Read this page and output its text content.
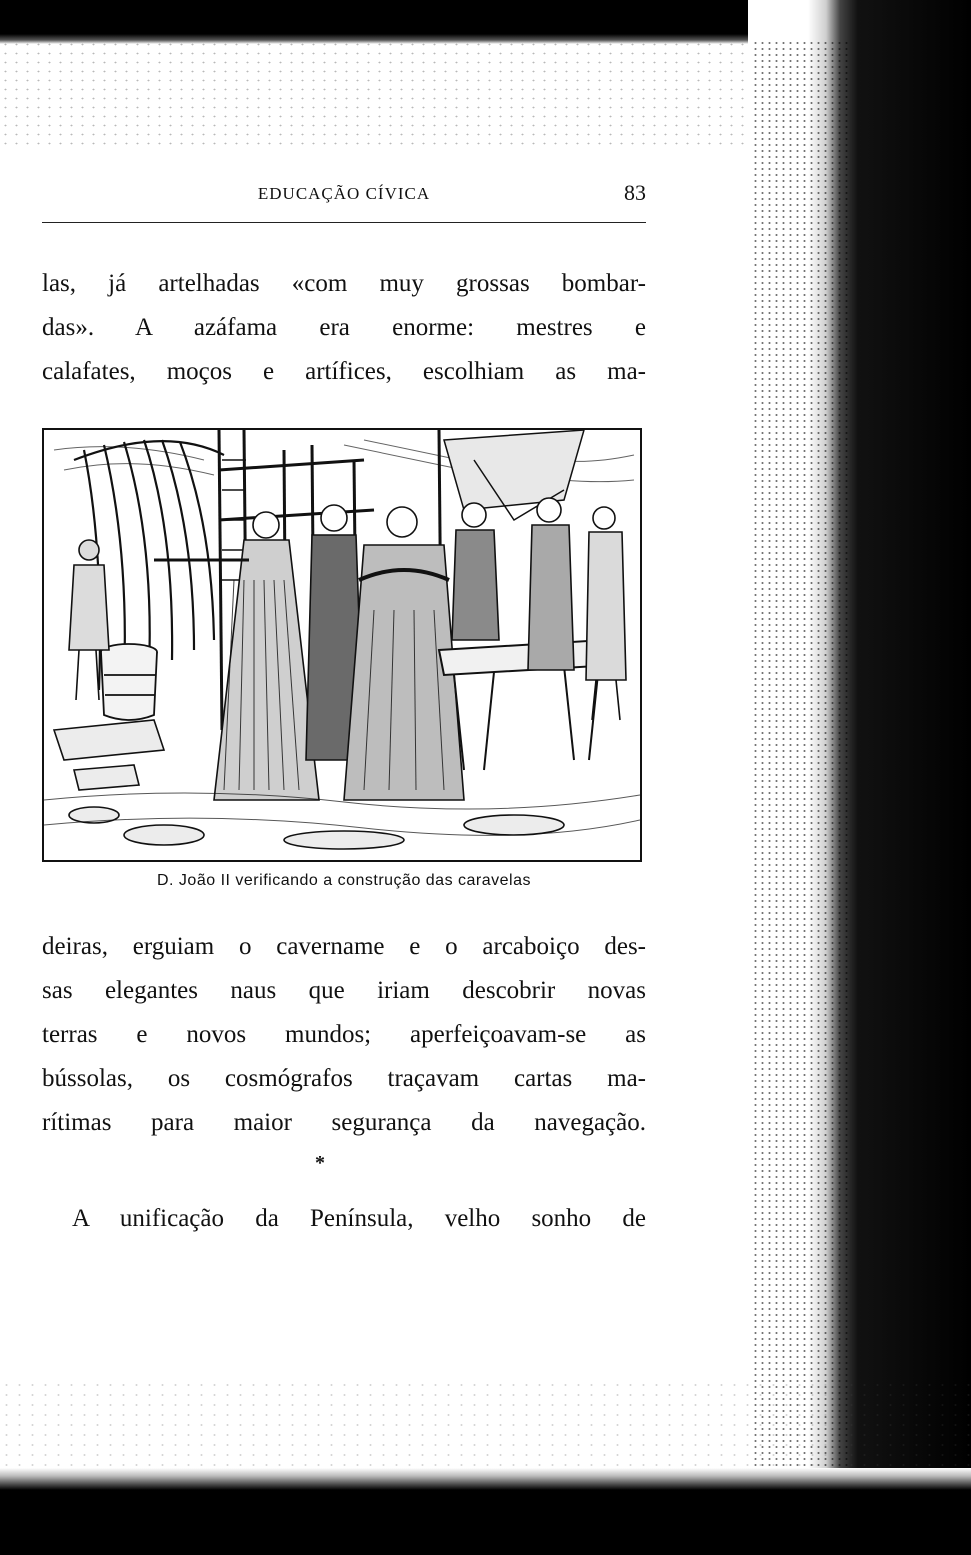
EDUCAÇÃO CÍVICA	83
las, já artelhadas «com muy grossas bombar-
das». A azáfama era enorme: mestres e
calafates, moços e artífices, escolhiam as ma-
D. João II verificando a construção das caravelas
deiras, erguiam o cavername e o arcaboiço des-
sas elegantes naus que iriam descobrir novas
terras e novos mundos; aperfeiçoavam-se as
bússolas, os cosmógrafos traçavam cartas ma-
rítimas para maior segurança da navegação.
*
A unificação da Península, velho sonho de
